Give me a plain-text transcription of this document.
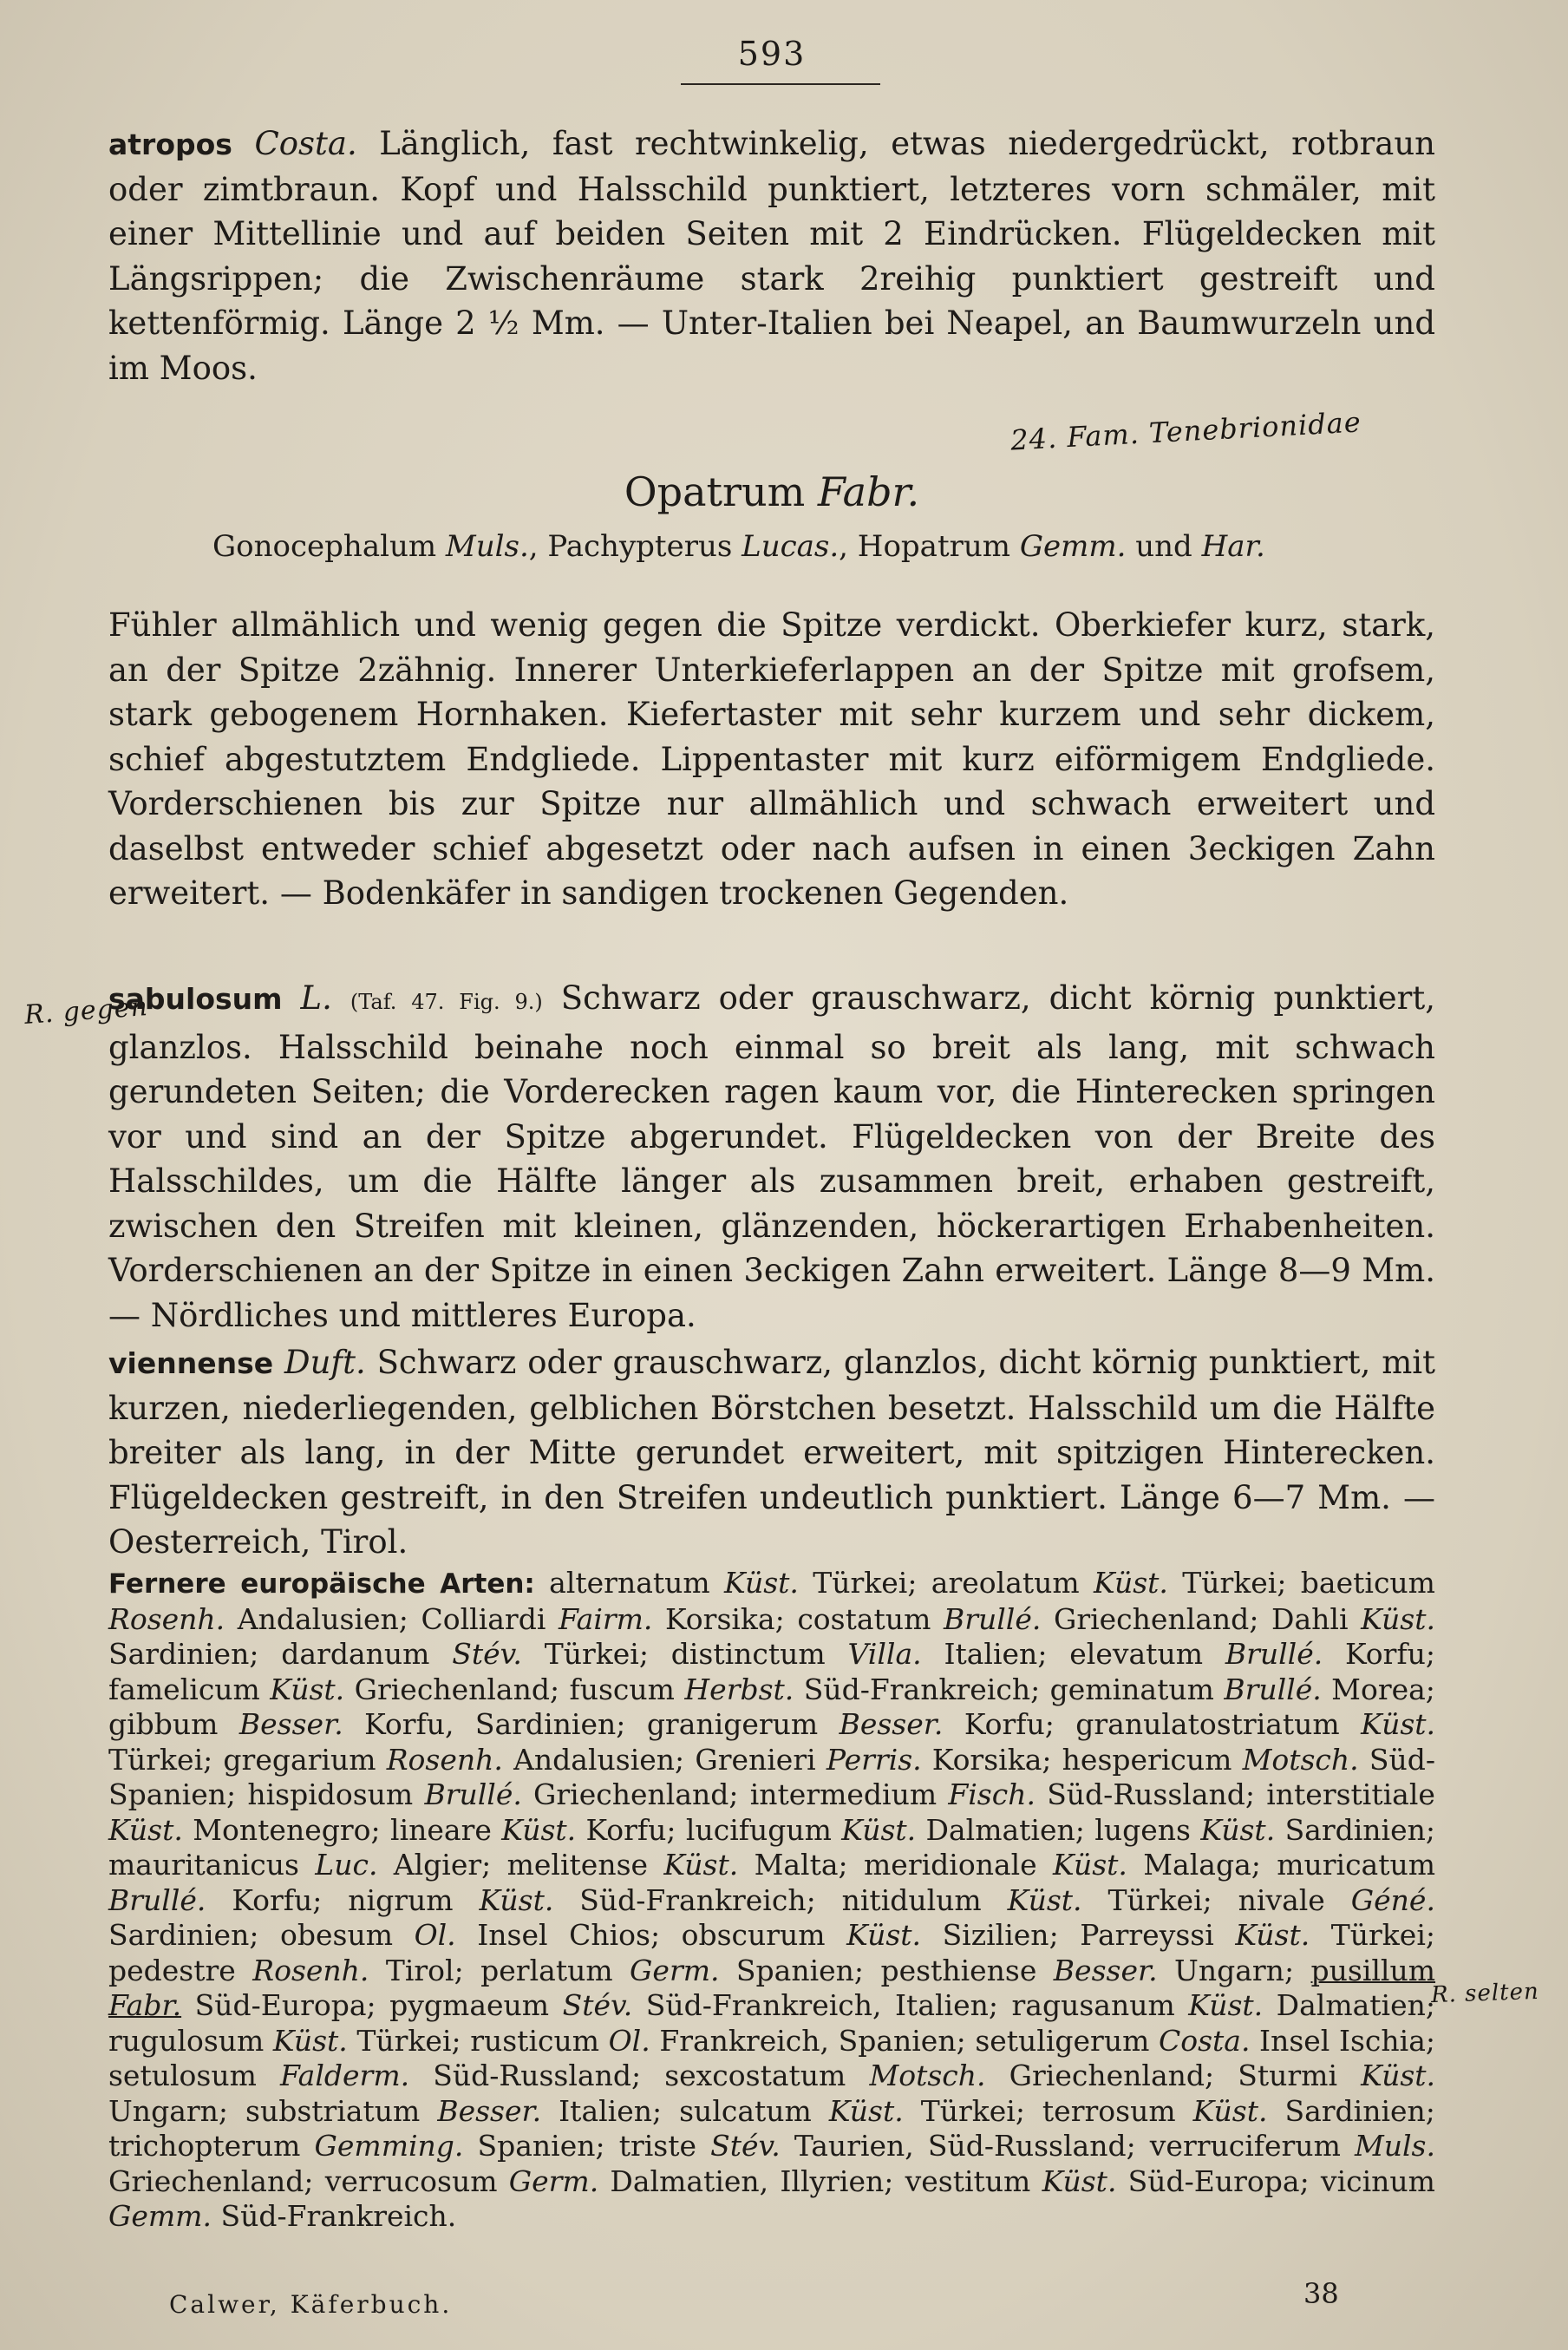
24. Fam. Tenebrionidae
R. gegen
R. selten
593

atropos Costa. Länglich, fast rechtwinkelig, etwas niedergedrückt, rotbraun oder zimtbraun. Kopf und Halsschild punktiert, letzteres vorn schmäler, mit einer Mittellinie und auf beiden Seiten mit 2 Eindrücken. Flügeldecken mit Längsrippen; die Zwischenräume stark 2reihig punktiert gestreift und kettenförmig. Länge 2 ½ Mm. — Unter-Italien bei Neapel, an Baumwurzeln und im Moos.

Opatrum Fabr.
Gonocephalum Muls., Pachypterus Lucas., Hopatrum Gemm. und Har.

Fühler allmählich und wenig gegen die Spitze verdickt. Oberkiefer kurz, stark, an der Spitze 2zähnig. Innerer Unterkieferlappen an der Spitze mit grofsem, stark gebogenem Hornhaken. Kiefertaster mit sehr kurzem und sehr dickem, schief abgestutztem Endgliede. Lippentaster mit kurz eiförmigem Endgliede. Vorderschienen bis zur Spitze nur allmählich und schwach erweitert und daselbst entweder schief abgesetzt oder nach aufsen in einen 3eckigen Zahn erweitert. — Bodenkäfer in sandigen trockenen Gegenden.

sabulosum L. (Taf. 47. Fig. 9.) Schwarz oder grauschwarz, dicht körnig punktiert, glanzlos. Halsschild beinahe noch einmal so breit als lang, mit schwach gerundeten Seiten; die Vorderecken ragen kaum vor, die Hinterecken springen vor und sind an der Spitze abgerundet. Flügeldecken von der Breite des Halsschildes, um die Hälfte länger als zusammen breit, erhaben gestreift, zwischen den Streifen mit kleinen, glänzenden, höckerartigen Erhabenheiten. Vorderschienen an der Spitze in einen 3eckigen Zahn erweitert. Länge 8—9 Mm. — Nördliches und mittleres Europa.

viennense Duft. Schwarz oder grauschwarz, glanzlos, dicht körnig punktiert, mit kurzen, niederliegenden, gelblichen Börstchen besetzt. Halsschild um die Hälfte breiter als lang, in der Mitte gerundet erweitert, mit spitzigen Hinterecken. Flügeldecken gestreift, in den Streifen undeutlich punktiert. Länge 6—7 Mm. — Oesterreich, Tirol.

Fernere europäische Arten: alternatum Küst. Türkei; areolatum Küst. Türkei; baeticum Rosenh. Andalusien; Colliardi Fairm. Korsika; costatum Brullé. Griechenland; Dahli Küst. Sardinien; dardanum Stév. Türkei; distinctum Villa. Italien; elevatum Brullé. Korfu; famelicum Küst. Griechenland; fuscum Herbst. Süd-Frankreich; geminatum Brullé. Morea; gibbum Besser. Korfu, Sardinien; granigerum Besser. Korfu; granulatostriatum Küst. Türkei; gregarium Rosenh. Andalusien; Grenieri Perris. Korsika; hespericum Motsch. Süd-Spanien; hispidosum Brullé. Griechenland; intermedium Fisch. Süd-Russland; interstitiale Küst. Montenegro; lineare Küst. Korfu; lucifugum Küst. Dalmatien; lugens Küst. Sardinien; mauritanicus Luc. Algier; melitense Küst. Malta; meridionale Küst. Malaga; muricatum Brullé. Korfu; nigrum Küst. Süd-Frankreich; nitidulum Küst. Türkei; nivale Géné. Sardinien; obesum Ol. Insel Chios; obscurum Küst. Sizilien; Parreyssi Küst. Türkei; pedestre Rosenh. Tirol; perlatum Germ. Spanien; pesthiense Besser. Ungarn; pusillum Fabr. Süd-Europa; pygmaeum Stév. Süd-Frankreich, Italien; ragusanum Küst. Dalmatien; rugulosum Küst. Türkei; rusticum Ol. Frankreich, Spanien; setuligerum Costa. Insel Ischia; setulosum Falderm. Süd-Russland; sexcostatum Motsch. Griechenland; Sturmi Küst. Ungarn; substriatum Besser. Italien; sulcatum Küst. Türkei; terrosum Küst. Sardinien; trichopterum Gemming. Spanien; triste Stév. Taurien, Süd-Russland; verruciferum Muls. Griechenland; verrucosum Germ. Dalmatien, Illyrien; vestitum Küst. Süd-Europa; vicinum Gemm. Süd-Frankreich.

Calwer, Käferbuch.	38
